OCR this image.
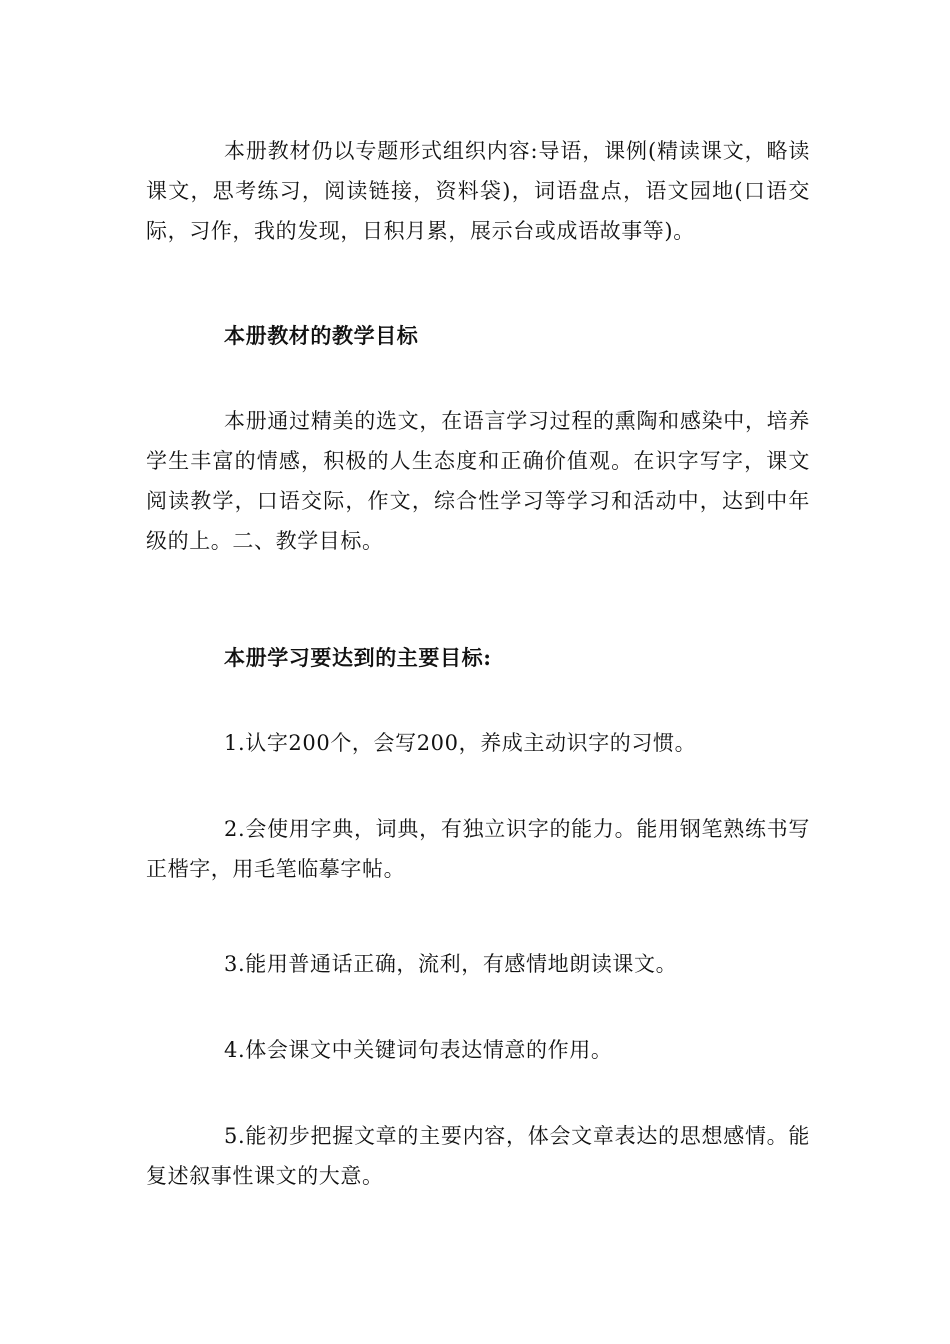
本册教材仍以专题形式组织内容:导语，课例(精读课文，略读课文，思考练习，阅读链接，资料袋)，词语盘点，语文园地(口语交际，习作，我的发现，日积月累，展示台或成语故事等)。

本册教材的教学目标

本册通过精美的选文，在语言学习过程的熏陶和感染中，培养学生丰富的情感，积极的人生态度和正确价值观。在识字写字，课文阅读教学，口语交际，作文，综合性学习等学习和活动中，达到中年级的上。二、教学目标。

本册学习要达到的主要目标:

1.认字200个，会写200，养成主动识字的习惯。

2.会使用字典，词典，有独立识字的能力。能用钢笔熟练书写正楷字，用毛笔临摹字帖。

3.能用普通话正确，流利，有感情地朗读课文。

4.体会课文中关键词句表达情意的作用。

5.能初步把握文章的主要内容，体会文章表达的思想感情。能复述叙事性课文的大意。
